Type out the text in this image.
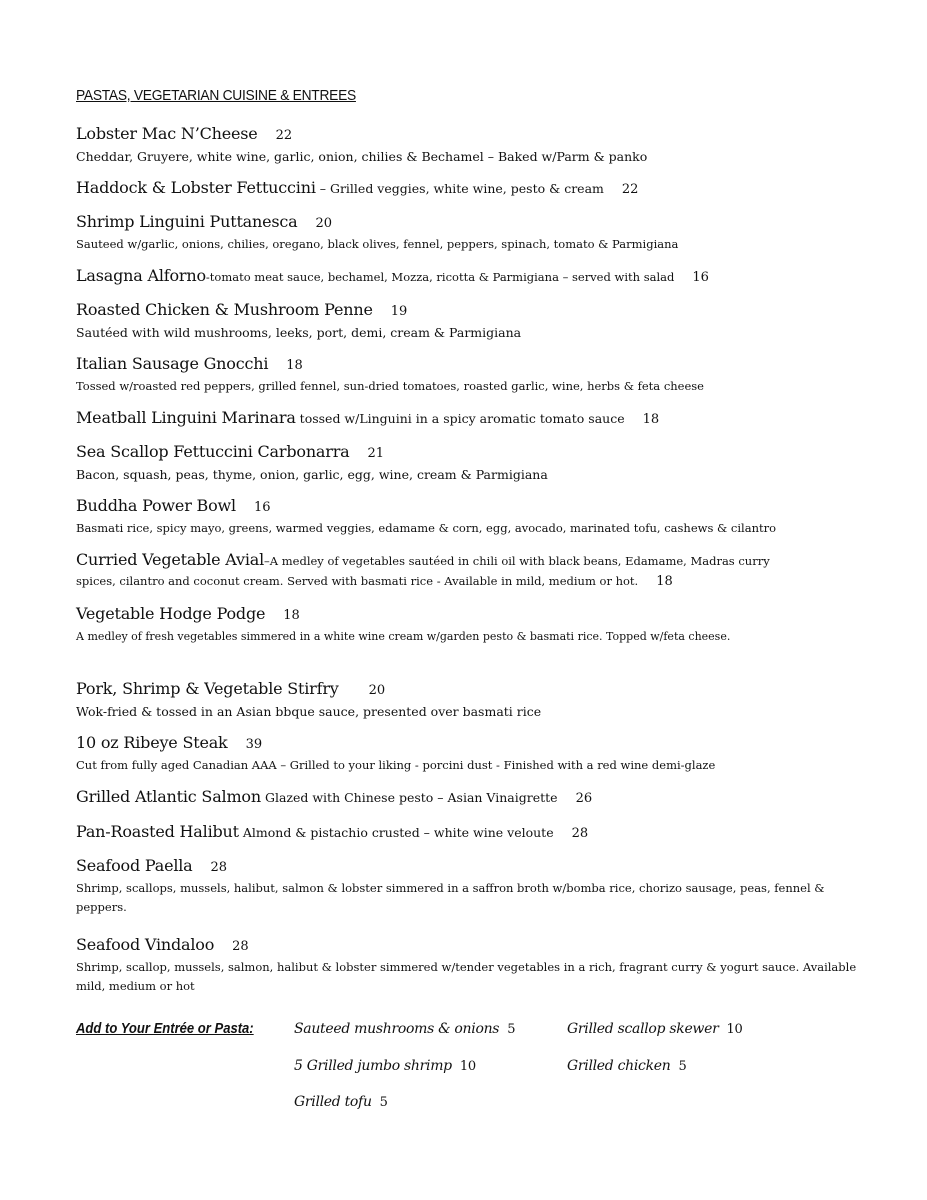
PASTAS, VEGETARIAN CUISINE & ENTREES
Lobster Mac N’Cheese 22
Cheddar, Gruyere, white wine, garlic, onion, chilies & Bechamel – Baked w/Parm & panko
Haddock & Lobster Fettuccini – Grilled veggies, white wine, pesto & cream 22
Shrimp Linguini Puttanesca 20
Sauteed w/garlic, onions, chilies, oregano, black olives, fennel, peppers, spinach, tomato & Parmigiana
Lasagna Alforno-tomato meat sauce, bechamel, Mozza, ricotta & Parmigiana – served with salad 16
Roasted Chicken & Mushroom Penne 19
Sautéed with wild mushrooms, leeks, port, demi, cream & Parmigiana
Italian Sausage Gnocchi 18
Tossed w/roasted red peppers, grilled fennel, sun-dried tomatoes, roasted garlic, wine, herbs & feta cheese
Meatball Linguini Marinara tossed w/Linguini in a spicy aromatic tomato sauce 18
Sea Scallop Fettuccini Carbonarra 21
Bacon, squash, peas, thyme, onion, garlic, egg, wine, cream & Parmigiana
Buddha Power Bowl 16
Basmati rice, spicy mayo, greens, warmed veggies, edamame & corn, egg, avocado, marinated tofu, cashews & cilantro
Curried Vegetable Avial–A medley of vegetables sautéed in chili oil with black beans, Edamame, Madras curry
spices, cilantro and coconut cream. Served with basmati rice - Available in mild, medium or hot. 18
Vegetable Hodge Podge 18
A medley of fresh vegetables simmered in a white wine cream w/garden pesto & basmati rice. Topped w/feta cheese.
Pork, Shrimp & Vegetable Stirfry 20
Wok-fried & tossed in an Asian bbque sauce, presented over basmati rice
10 oz Ribeye Steak 39
Cut from fully aged Canadian AAA – Grilled to your liking - porcini dust - Finished with a red wine demi-glaze
Grilled Atlantic Salmon Glazed with Chinese pesto – Asian Vinaigrette 26
Pan-Roasted Halibut Almond & pistachio crusted – white wine veloute 28
Seafood Paella 28
Shrimp, scallops, mussels, halibut, salmon & lobster simmered in a saffron broth w/bomba rice, chorizo sausage, peas, fennel & peppers.
Seafood Vindaloo 28
Shrimp, scallop, mussels, salmon, halibut & lobster simmered w/tender vegetables in a rich, fragrant curry & yogurt sauce. Available mild, medium or hot
Add to Your Entrée or Pasta:	Sauteed mushrooms & onions 5	Grilled scallop skewer 10
5 Grilled jumbo shrimp 10	Grilled chicken 5
Grilled tofu 5
